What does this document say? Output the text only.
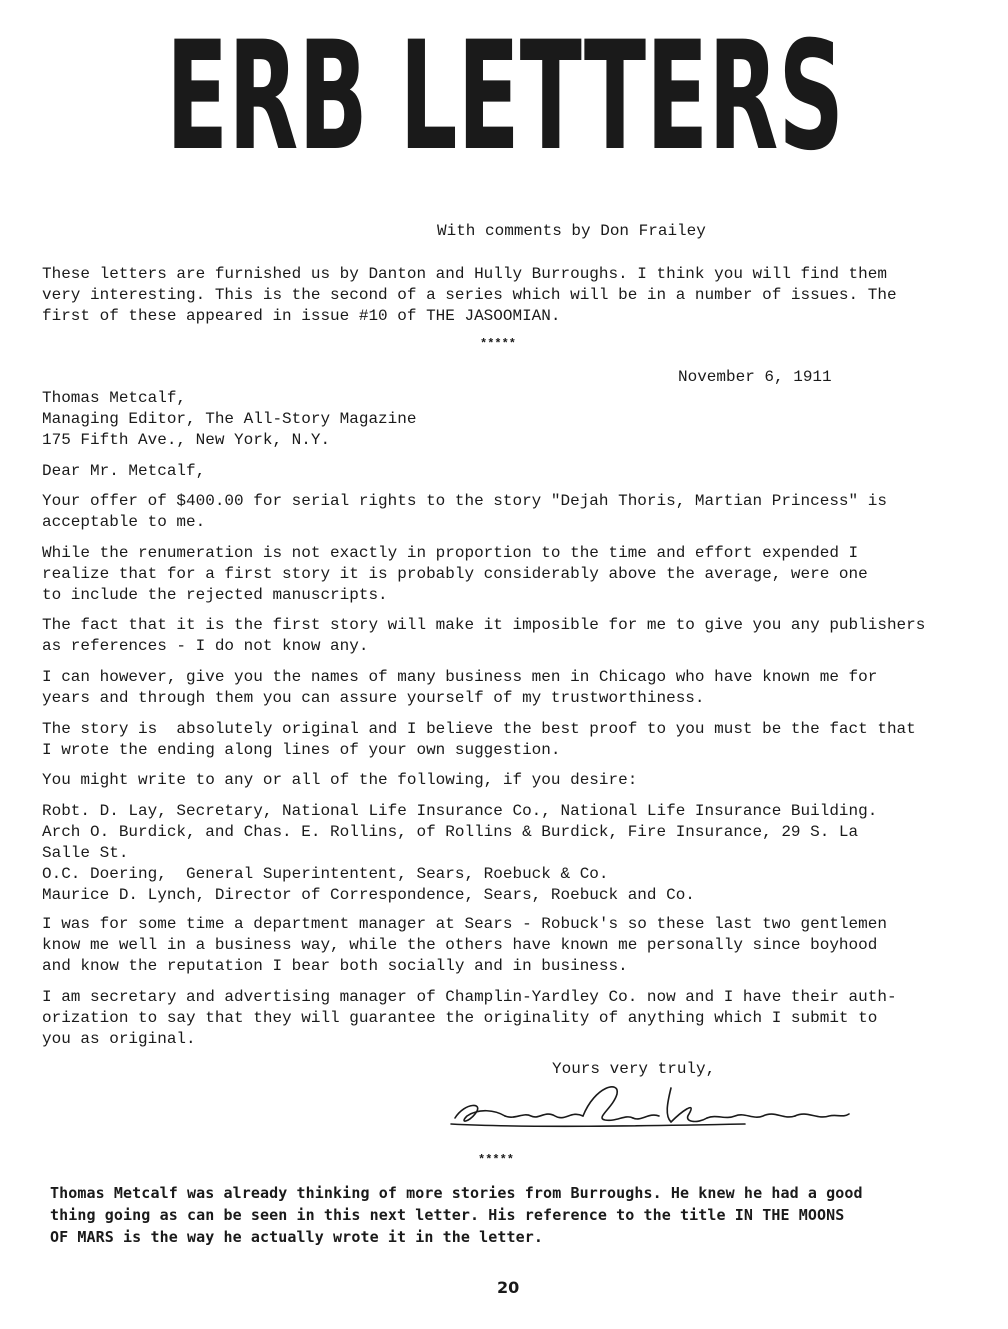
ERB LETTERS

With comments by Don Frailey

These letters are furnished us by Danton and Hully Burroughs. I think you will find them

very interesting. This is the second of a series which will be in a number of issues. The

first of these appeared in issue #10 of THE JASOOMIAN.

*****

November 6, 1911

Thomas Metcalf,

Managing Editor, The All-Story Magazine

175 Fifth Ave., New York, N.Y.

Dear Mr. Metcalf,

Your offer of $400.00 for serial rights to the story "Dejah Thoris, Martian Princess" is

acceptable to me.

While the renumeration is not exactly in proportion to the time and effort expended I

realize that for a first story it is probably considerably above the average, were one

to include the rejected manuscripts.

The fact that it is the first story will make it imposible for me to give you any publishers

as references - I do not know any.

I can however, give you the names of many business men in Chicago who have known me for

years and through them you can assure yourself of my trustworthiness.

The story is  absolutely original and I believe the best proof to you must be the fact that

I wrote the ending along lines of your own suggestion.

You might write to any or all of the following, if you desire:

Robt. D. Lay, Secretary, National Life Insurance Co., National Life Insurance Building.

Arch O. Burdick, and Chas. E. Rollins, of Rollins & Burdick, Fire Insurance, 29 S. La

Salle St.

O.C. Doering,  General Superintentent, Sears, Roebuck & Co.

Maurice D. Lynch, Director of Correspondence, Sears, Roebuck and Co.

I was for some time a department manager at Sears - Robuck's so these last two gentlemen

know me well in a business way, while the others have known me personally since boyhood

and know the reputation I bear both socially and in business.

I am secretary and advertising manager of Champlin-Yardley Co. now and I have their auth-

orization to say that they will guarantee the originality of anything which I submit to

you as original.

Yours very truly,

*****

Thomas Metcalf was already thinking of more stories from Burroughs. He knew he had a good

thing going as can be seen in this next letter. His reference to the title IN THE MOONS

OF MARS is the way he actually wrote it in the letter.

20
